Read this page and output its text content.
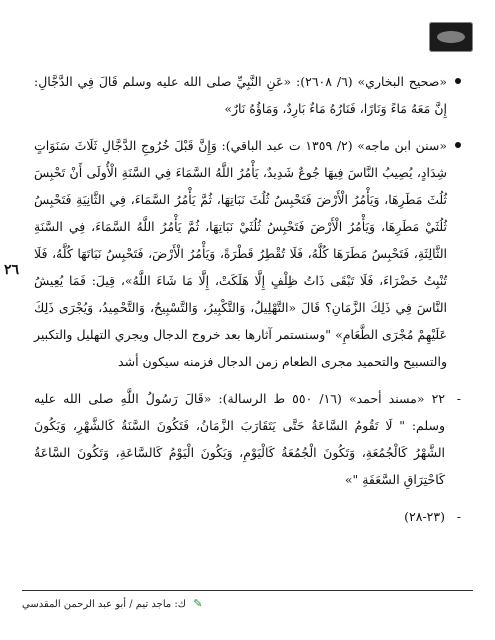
«صحيح البخاري» (٦/ ٢٦٠٨): «عَنِ النَّبِيِّ صلى الله عليه وسلم قَالَ فِي الدَّجَّالِ: إِنَّ مَعَهُ مَاءً وَنَارًا، فَنَارُهُ مَاءٌ بَارِدٌ، وَمَاؤُهُ نَارٌ»

«سنن ابن ماجه» (٢/ ١٣٥٩ ت عبد الباقي): وَإِنَّ قَبْلَ خُرُوجِ الدَّجَّالِ ثَلَاثَ سَنَوَاتٍ شِدَادٍ، يُصِيبُ النَّاسَ فِيهَا جُوعٌ شَدِيدٌ، يَأْمُرُ اللَّهُ السَّمَاءَ فِي السَّنَةِ الْأُولَى أَنْ تَحْبِسَ ثُلُثَ مَطَرِهَا، وَيَأْمُرُ الْأَرْضَ فَتَحْبِسُ ثُلُثَ نَبَاتِهَا، ثُمَّ يَأْمُرُ السَّمَاءَ، فِي الثَّانِيَةِ فَتَحْبِسُ ثُلُثَيْ مَطَرِهَا، وَيَأْمُرُ الْأَرْضَ فَتَحْبِسُ ثُلُثَيْ نَبَاتِهَا، ثُمَّ يَأْمُرُ اللَّهُ السَّمَاءَ، فِي السَّنَةِ الثَّالِثَةِ، فَتَحْبِسُ مَطَرَهَا كُلَّهُ، فَلَا تُقْطِرُ قَطْرَةً، وَيَأْمُرُ الْأَرْضَ، فَتَحْبِسُ نَبَاتَهَا كُلَّهُ، فَلَا تُنْبِتُ خَضْرَاءَ، فَلَا تَبْقَى ذَاتُ ظِلْفٍ إِلَّا هَلَكَتْ، إِلَّا مَا شَاءَ اللَّهُ»، قِيلَ: فَمَا يُعِيشُ النَّاسَ فِي ذَلِكَ الزَّمَانِ؟ قَالَ «التَّهْلِيلُ، وَالتَّكْبِيرُ، وَالتَّسْبِيحُ، وَالتَّحْمِيدُ، وَيُجْرَى ذَلِكَ عَلَيْهِمْ مُجْرَى الطَّعَامِ» "وسنستمر آثارها بعد خروج الدجال ويجري التهليل والتكبير والتسبيح والتحميد مجرى الطعام زمن الدجال فزمنه سيكون أشد

- ٢٢ «مسند أحمد» (١٦/ ٥٥٠ ط الرسالة): «قَالَ رَسُولُ اللَّهِ صلى الله عليه وسلم: " لَا تَقُومُ السَّاعَةُ حَتَّى يَتَقَارَبَ الزَّمَانُ، فَتَكُونَ السَّنَةُ كَالشَّهْرِ، وَيَكُونَ الشَّهْرُ كَالْجُمُعَةِ، وَتَكُونَ الْجُمُعَةُ كَالْيَوْمِ، وَيَكُونَ الْيَوْمُ كَالسَّاعَةِ، وَتَكُونَ السَّاعَةُ كَاحْتِرَاقِ السَّعَفَةِ "»

- (٢٣-٢٨)

٢٦
✎ ك: ماجد تيم / أبو عبد الرحمن المقدسي
